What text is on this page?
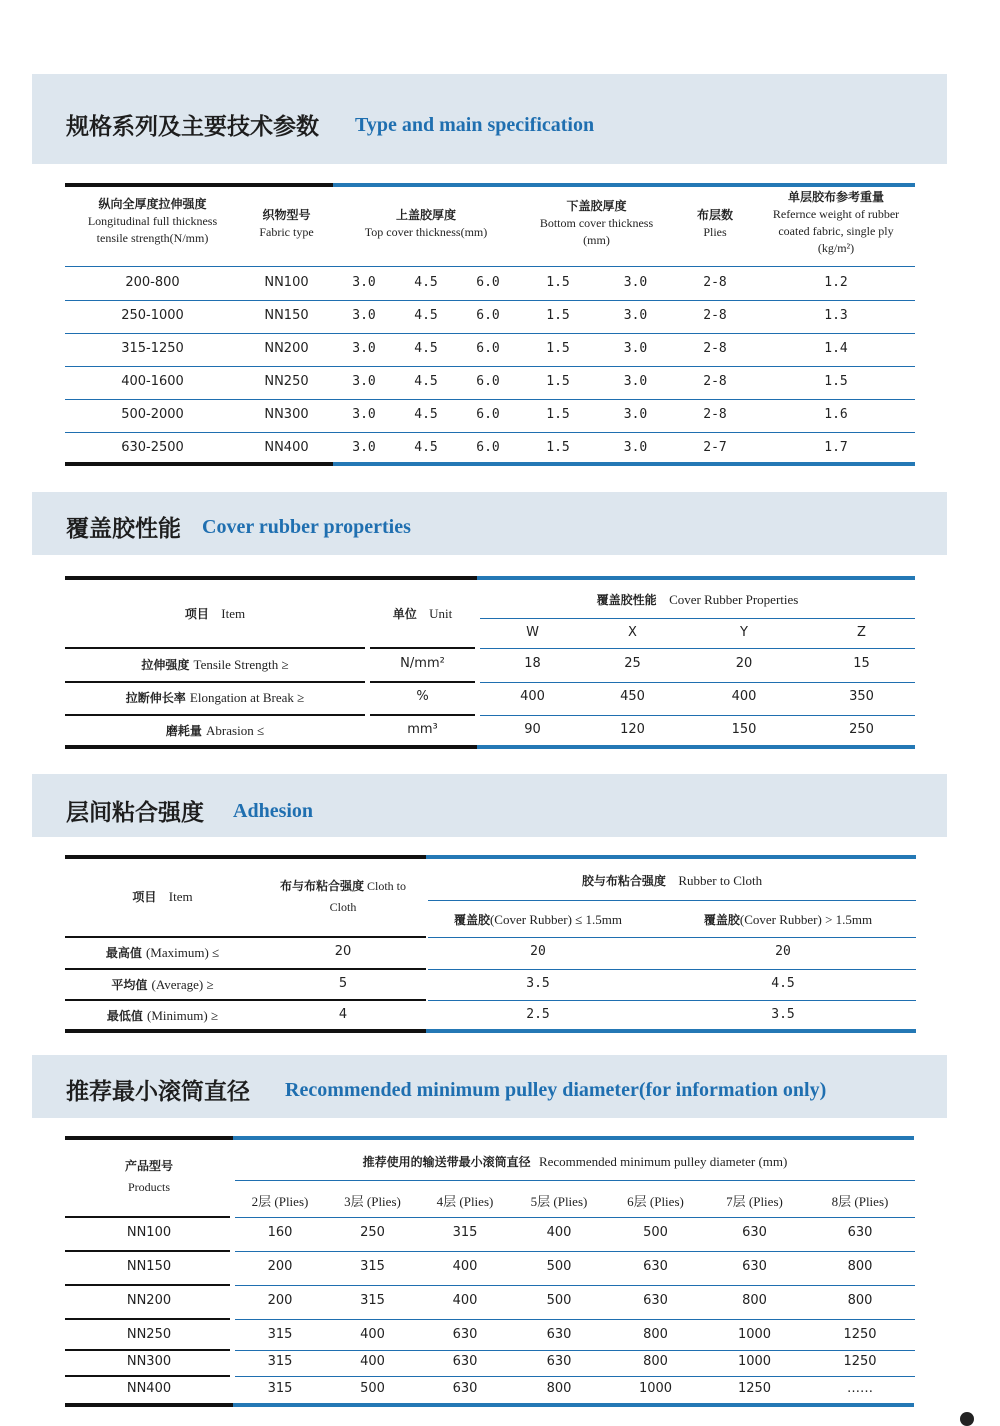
规格系列及主要技术参数 Type and main specification
纵向全厚度拉伸强度
Longitudinal full thickness
tensile strength(N/mm)
织物型号
Fabric type
上盖胶厚度
Top cover thickness(mm)
下盖胶厚度
Bottom cover thickness
(mm)
布层数
Plies
单层胶布参考重量
Refernce weight of rubber
coated fabric, single ply
(kg/m²)
200-800	NN100	3.0	4.5	6.0	1.5	3.0	2-8	1.2
250-1000	NN150	3.0	4.5	6.0	1.5	3.0	2-8	1.3
315-1250	NN200	3.0	4.5	6.0	1.5	3.0	2-8	1.4
400-1600	NN250	3.0	4.5	6.0	1.5	3.0	2-8	1.5
500-2000	NN300	3.0	4.5	6.0	1.5	3.0	2-8	1.6
630-2500	NN400	3.0	4.5	6.0	1.5	3.0	2-7	1.7
覆盖胶性能 Cover rubber properties
项目 Item	单位 Unit
覆盖胶性能 Cover Rubber Properties
W	X	Y	Z
拉伸强度 Tensile Strength ≥	N/mm²	18	25	20	15
拉断伸长率 Elongation at Break ≥	%	400	450	400	350
磨耗量 Abrasion ≤	mm³	90	120	150	250
层间粘合强度 Adhesion
项目 Item
布与布粘合强度 Cloth to
Cloth
胶与布粘合强度 Rubber to Cloth
覆盖胶(Cover Rubber) ≤ 1.5mm	覆盖胶(Cover Rubber) > 1.5mm
最高值 (Maximum) ≤	20	20	20
平均值 (Average) ≥	5	3.5	4.5
最低值 (Minimum) ≥	4	2.5	3.5
推荐最小滚筒直径 Recommended minimum pulley diameter(for information only)
产品型号
Products
推荐使用的输送带最小滚筒直径 Recommended minimum pulley diameter (mm)
2层 (Plies)	3层 (Plies)	4层 (Plies)	5层 (Plies)	6层 (Plies)	7层 (Plies)	8层 (Plies)
NN100	160	250	315	400	500	630	630
NN150	200	315	400	500	630	630	800
NN200	200	315	400	500	630	800	800
NN250	315	400	630	630	800	1000	1250
NN300	315	400	630	630	800	1000	1250
NN400	315	500	630	800	1000	1250	……
